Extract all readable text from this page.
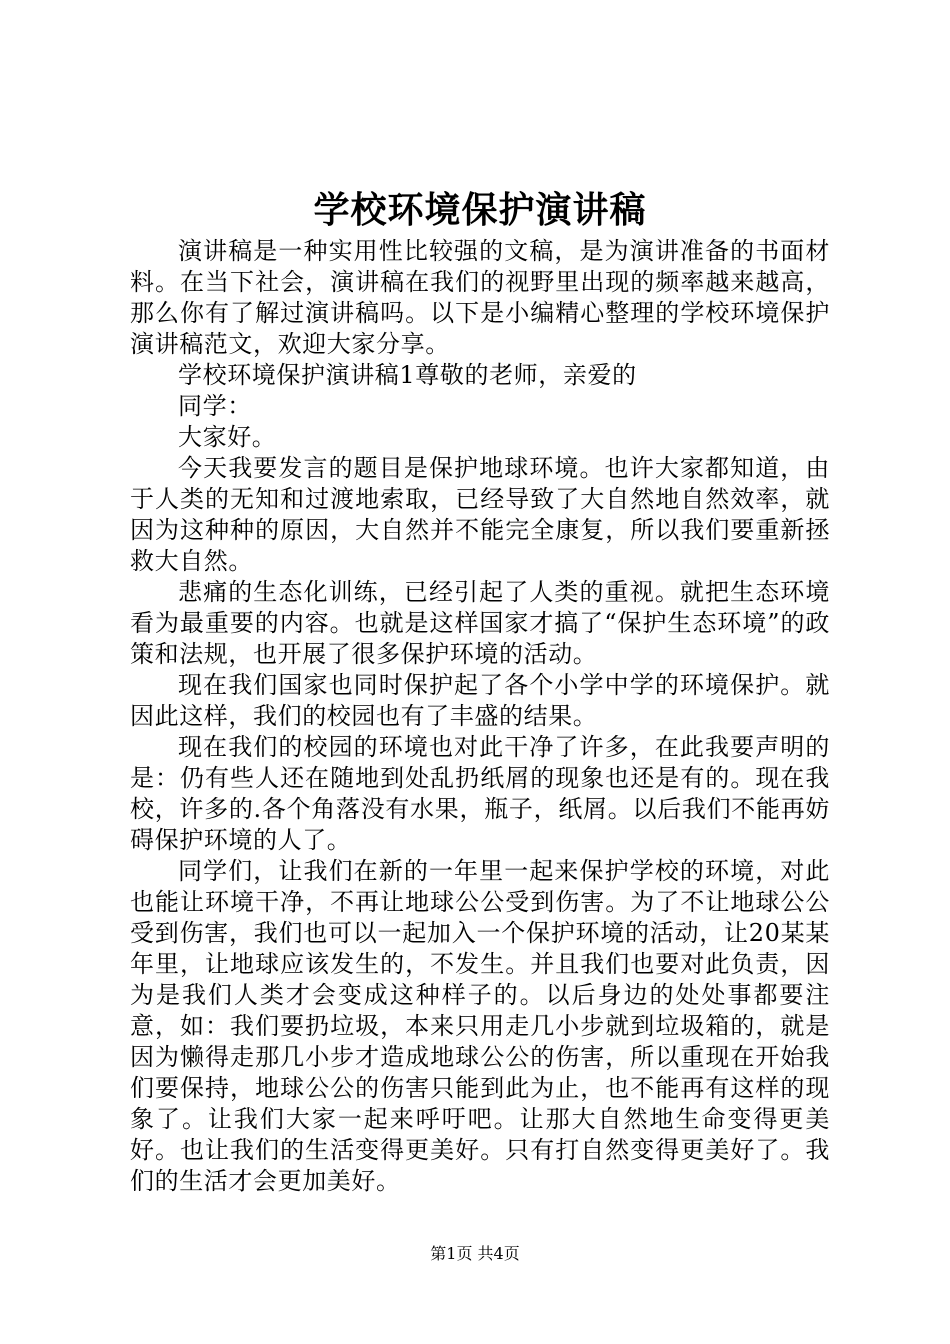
学校环境保护演讲稿

演讲稿是一种实用性比较强的文稿，是为演讲准备的书面材料。在当下社会，演讲稿在我们的视野里出现的频率越来越高，那么你有了解过演讲稿吗。以下是小编精心整理的学校环境保护演讲稿范文，欢迎大家分享。

学校环境保护演讲稿1尊敬的老师，亲爱的

同学：

大家好。

今天我要发言的题目是保护地球环境。也许大家都知道，由于人类的无知和过渡地索取，已经导致了大自然地自然效率，就因为这种种的原因，大自然并不能完全康复，所以我们要重新拯救大自然。

悲痛的生态化训练，已经引起了人类的重视。就把生态环境看为最重要的内容。也就是这样国家才搞了“保护生态环境”的政策和法规，也开展了很多保护环境的活动。

现在我们国家也同时保护起了各个小学中学的环境保护。就因此这样，我们的校园也有了丰盛的结果。

现在我们的校园的环境也对此干净了许多，在此我要声明的是：仍有些人还在随地到处乱扔纸屑的现象也还是有的。现在我校，许多的.各个角落没有水果，瓶子，纸屑。以后我们不能再妨碍保护环境的人了。

同学们，让我们在新的一年里一起来保护学校的环境，对此也能让环境干净，不再让地球公公受到伤害。为了不让地球公公受到伤害，我们也可以一起加入一个保护环境的活动，让20某某年里，让地球应该发生的，不发生。并且我们也要对此负责，因为是我们人类才会变成这种样子的。以后身边的处处事都要注意，如：我们要扔垃圾，本来只用走几小步就到垃圾箱的，就是因为懒得走那几小步才造成地球公公的伤害，所以重现在开始我们要保持，地球公公的伤害只能到此为止，也不能再有这样的现象了。让我们大家一起来呼吁吧。让那大自然地生命变得更美好。也让我们的生活变得更美好。只有打自然变得更美好了。我们的生活才会更加美好。

第1页 共4页
